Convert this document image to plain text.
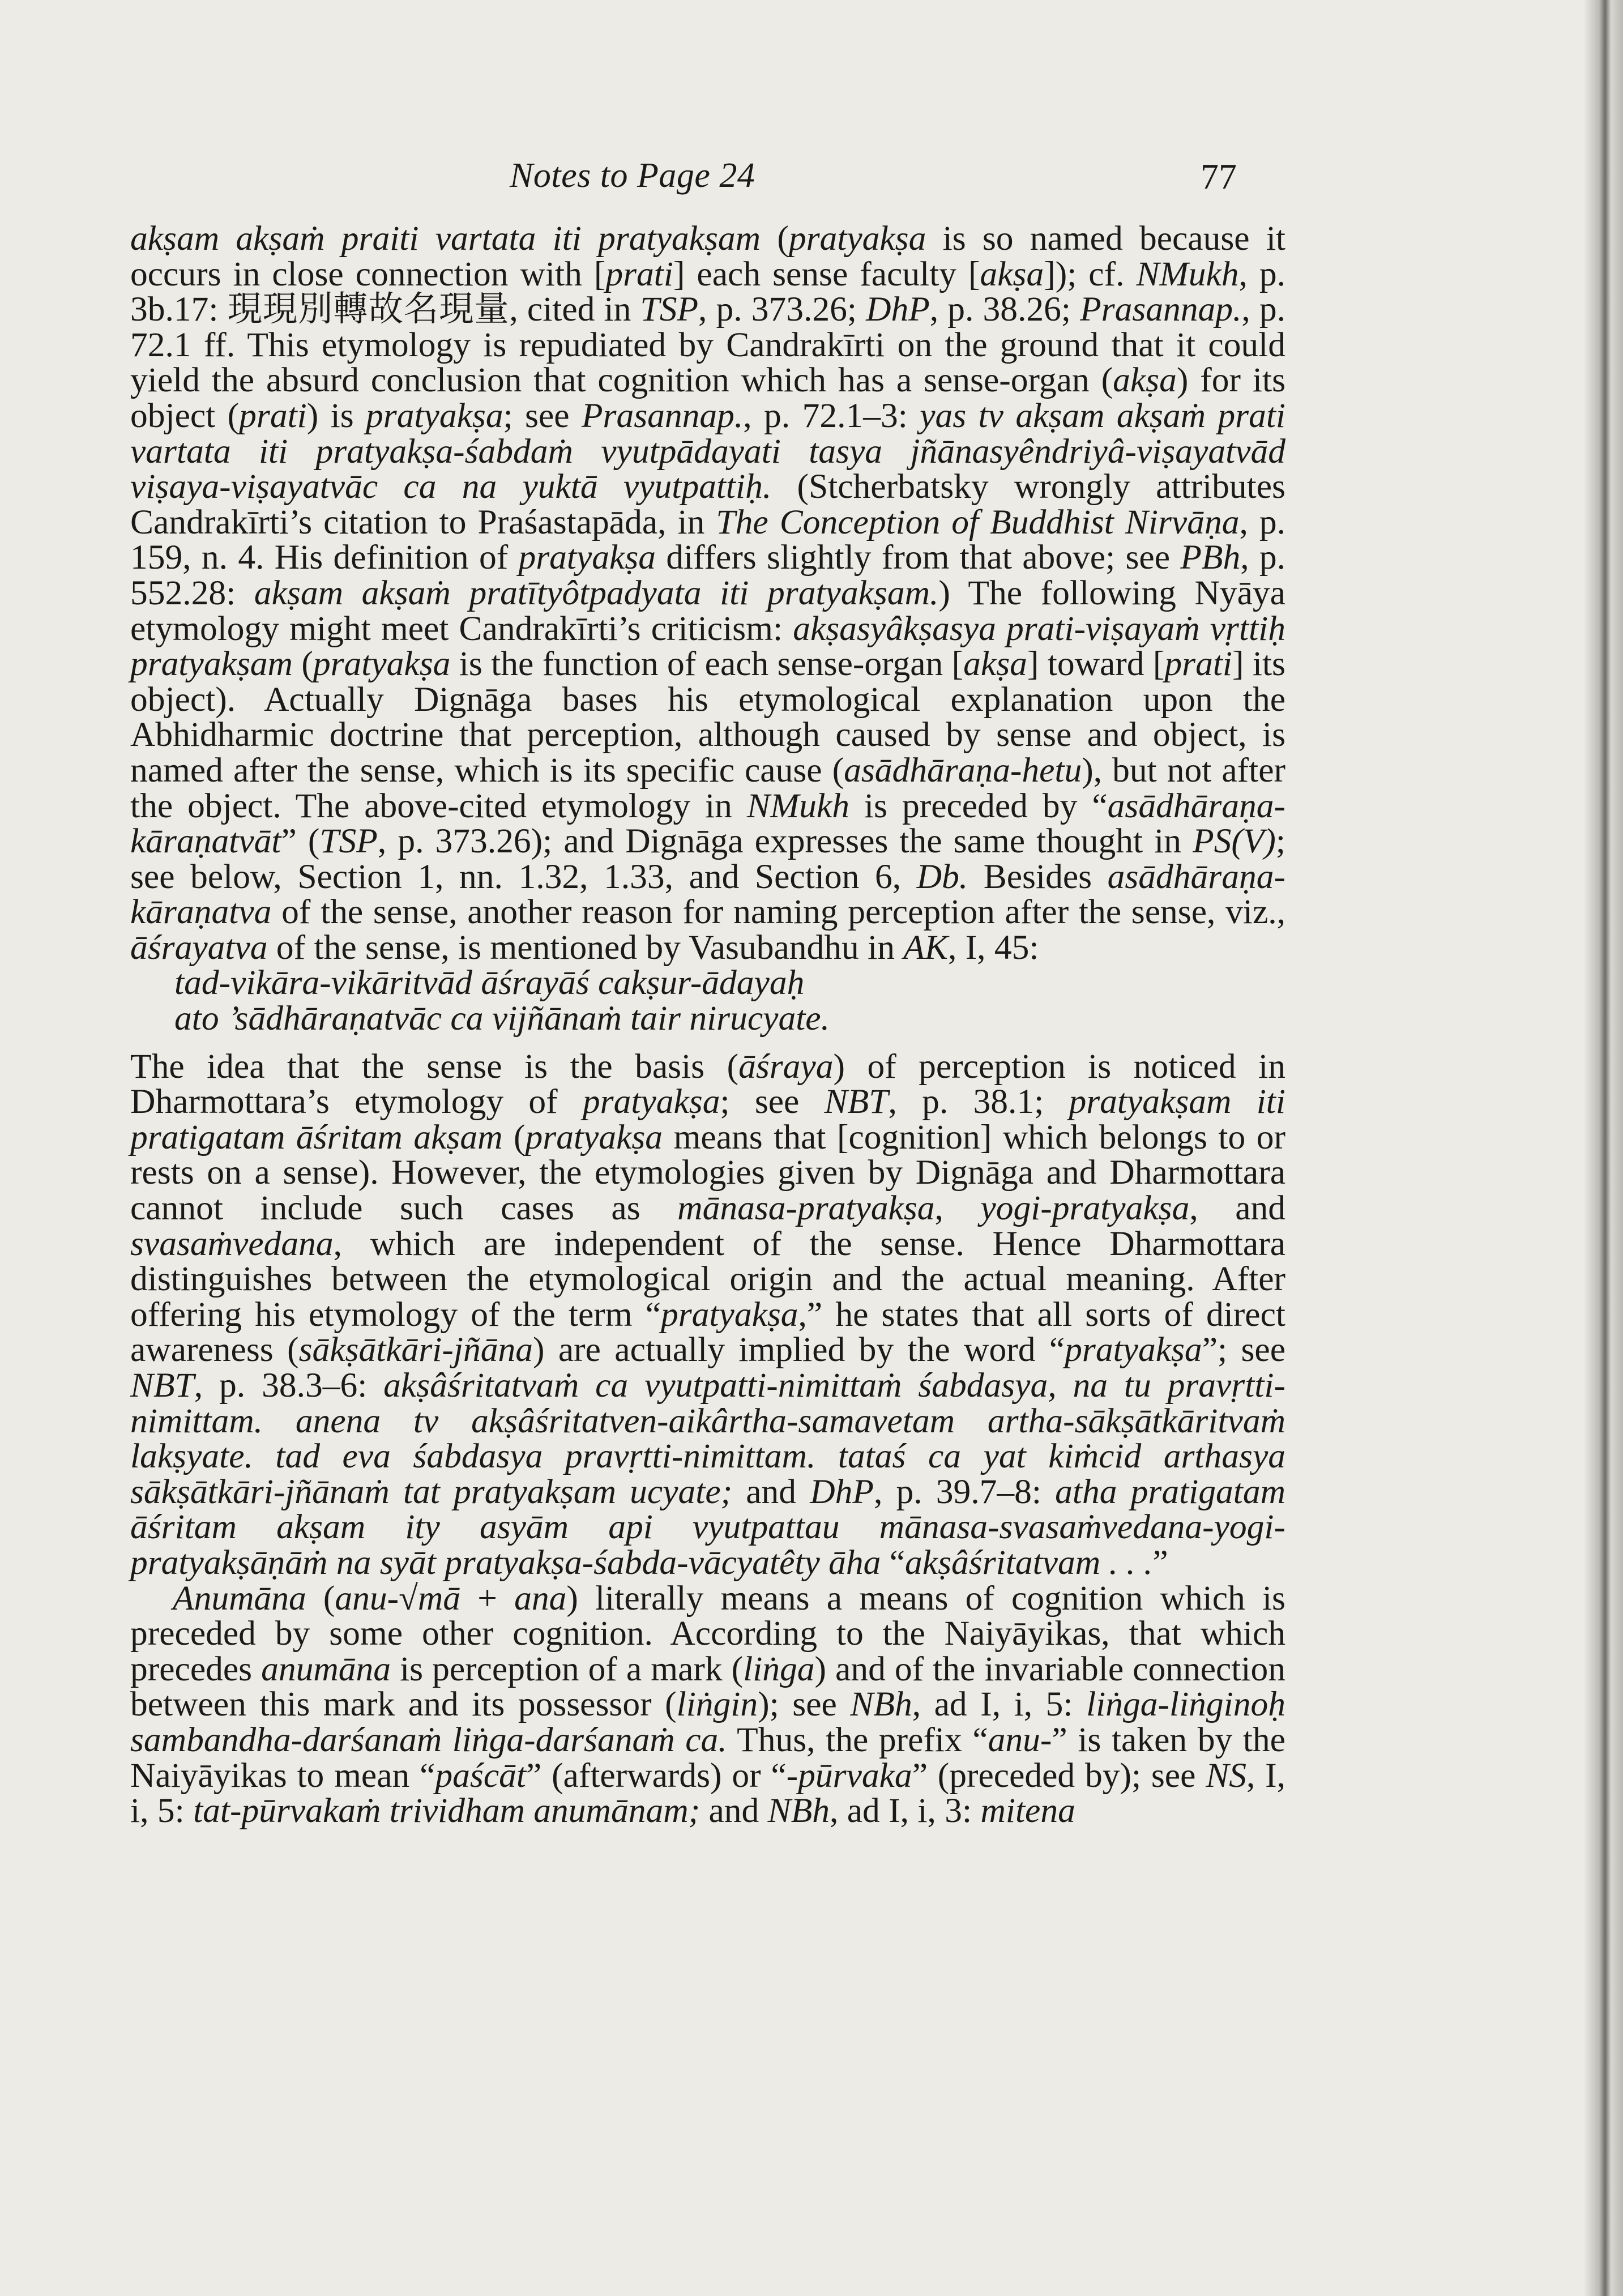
Notes to Page 24	77

akṣam akṣaṁ praiti vartata iti pratyakṣam (pratyakṣa is so named because it occurs in close connection with [prati] each sense faculty [akṣa]); cf. NMukh, p. 3b.17: 現現別轉故名現量, cited in TSP, p. 373.26; DhP, p. 38.26; Prasannap., p. 72.1 ff. This etymology is repudiated by Candrakīrti on the ground that it could yield the absurd conclusion that cognition which has a sense-organ (akṣa) for its object (prati) is pratyakṣa; see Prasannap., p. 72.1–3: yas tv akṣam akṣaṁ prati vartata iti pratyakṣa-śabdaṁ vyutpādayati tasya jñānasyêndriyâ-viṣayatvād viṣaya-viṣayatvāc ca na yuktā vyutpattiḥ. (Stcherbatsky wrongly attributes Candrakīrti’s citation to Praśastapāda, in The Conception of Buddhist Nirvāṇa, p. 159, n. 4. His definition of pratyakṣa differs slightly from that above; see PBh, p. 552.28: akṣam akṣaṁ pratītyôtpadyata iti pratyakṣam.) The following Nyāya etymology might meet Candrakīrti’s criticism: akṣasyâkṣasya prati-viṣayaṁ vṛttiḥ pratyakṣam (pratyakṣa is the function of each sense-organ [akṣa] toward [prati] its object). Actually Dignāga bases his etymological explanation upon the Abhidharmic doctrine that perception, although caused by sense and object, is named after the sense, which is its specific cause (asādhāraṇa-hetu), but not after the object. The above-cited etymology in NMukh is preceded by “asādhāraṇa-kāraṇatvāt” (TSP, p. 373.26); and Dignāga expresses the same thought in PS(V); see below, Section 1, nn. 1.32, 1.33, and Section 6, Db. Besides asādhāraṇa-kāraṇatva of the sense, another reason for naming perception after the sense, viz., āśrayatva of the sense, is mentioned by Vasubandhu in AK, I, 45:

tad-vikāra-vikāritvād āśrayāś cakṣur-ādayaḥ
ato ’sādhāraṇatvāc ca vijñānaṁ tair nirucyate.

The idea that the sense is the basis (āśraya) of perception is noticed in Dharmottara’s etymology of pratyakṣa; see NBT, p. 38.1; pratyakṣam iti pratigatam āśritam akṣam (pratyakṣa means that [cognition] which belongs to or rests on a sense). However, the etymologies given by Dignāga and Dharmottara cannot include such cases as mānasa-pratyakṣa, yogi-pratyakṣa, and svasaṁvedana, which are independent of the sense. Hence Dharmottara distinguishes between the etymological origin and the actual meaning. After offering his etymology of the term “pratyakṣa,” he states that all sorts of direct awareness (sākṣātkāri-jñāna) are actually implied by the word “pratyakṣa”; see NBT, p. 38.3–6: akṣâśritatvaṁ ca vyutpatti-nimittaṁ śabdasya, na tu pravṛtti-nimittam. anena tv akṣâśritatven-aikârtha-samavetam artha-sākṣātkāritvaṁ lakṣyate. tad eva śabdasya pravṛtti-nimittam. tataś ca yat kiṁcid arthasya sākṣātkāri-jñānaṁ tat pratyakṣam ucyate; and DhP, p. 39.7–8: atha pratigatam āśritam akṣam ity asyām api vyutpattau mānasa-svasaṁvedana-yogi-pratyakṣāṇāṁ na syāt pratyakṣa-śabda-vācyatêty āha “akṣâśritatvam . . .”

Anumāna (anu-√mā + ana) literally means a means of cognition which is preceded by some other cognition. According to the Naiyāyikas, that which precedes anumāna is perception of a mark (liṅga) and of the invariable connection between this mark and its possessor (liṅgin); see NBh, ad I, i, 5: liṅga-liṅginoḥ sambandha-darśanaṁ liṅga-darśanaṁ ca. Thus, the prefix “anu-” is taken by the Naiyāyikas to mean “paścāt” (afterwards) or “-pūrvaka” (preceded by); see NS, I, i, 5: tat-pūrvakaṁ trividham anumānam; and NBh, ad I, i, 3: mitena
